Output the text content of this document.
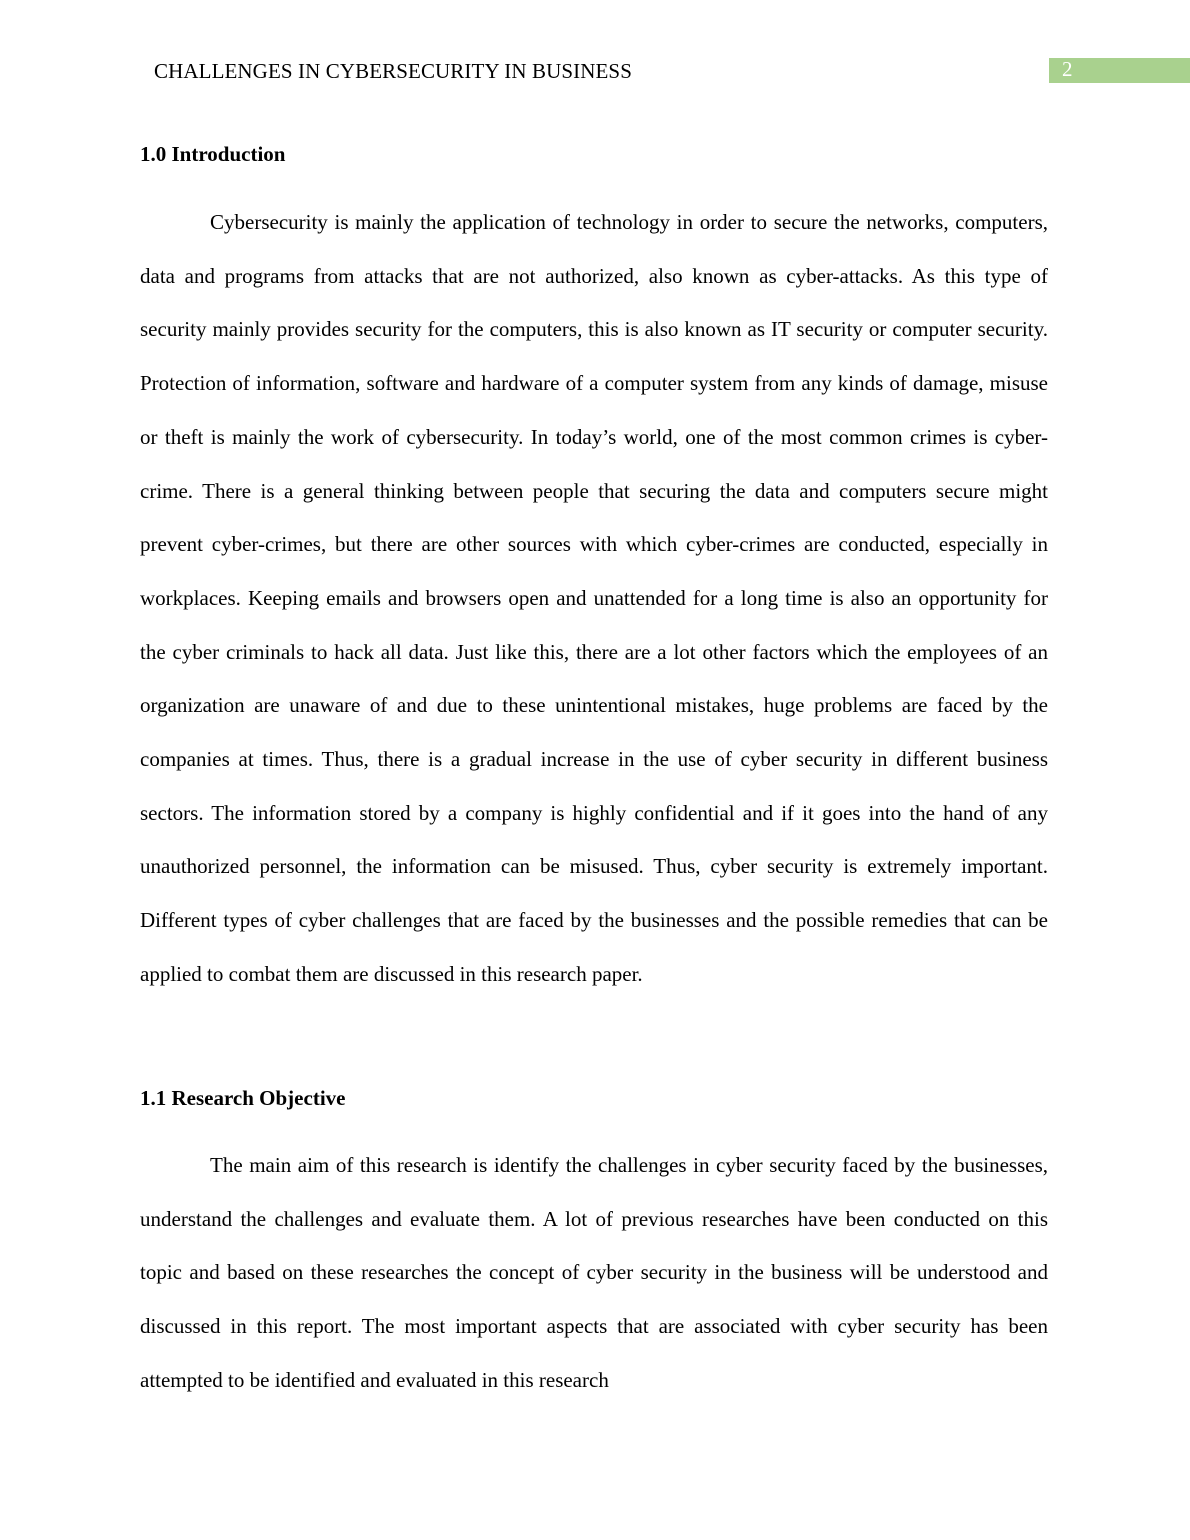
CHALLENGES IN CYBERSECURITY IN BUSINESS	2
1.0 Introduction

Cybersecurity is mainly the application of technology in order to secure the networks, computers, data and programs from attacks that are not authorized, also known as cyber-attacks. As this type of security mainly provides security for the computers, this is also known as IT security or computer security. Protection of information, software and hardware of a computer system from any kinds of damage, misuse or theft is mainly the work of cybersecurity. In today’s world, one of the most common crimes is cyber-crime. There is a general thinking between people that securing the data and computers secure might prevent cyber-crimes, but there are other sources with which cyber-crimes are conducted, especially in workplaces. Keeping emails and browsers open and unattended for a long time is also an opportunity for the cyber criminals to hack all data. Just like this, there are a lot other factors which the employees of an organization are unaware of and due to these unintentional mistakes, huge problems are faced by the companies at times. Thus, there is a gradual increase in the use of cyber security in different business sectors. The information stored by a company is highly confidential and if it goes into the hand of any unauthorized personnel, the information can be misused. Thus, cyber security is extremely important. Different types of cyber challenges that are faced by the businesses and the possible remedies that can be applied to combat them are discussed in this research paper.

1.1 Research Objective

The main aim of this research is identify the challenges in cyber security faced by the businesses, understand the challenges and evaluate them. A lot of previous researches have been conducted on this topic and based on these researches the concept of cyber security in the business will be understood and discussed in this report. The most important aspects that are associated with cyber security has been attempted to be identified and evaluated in this research
